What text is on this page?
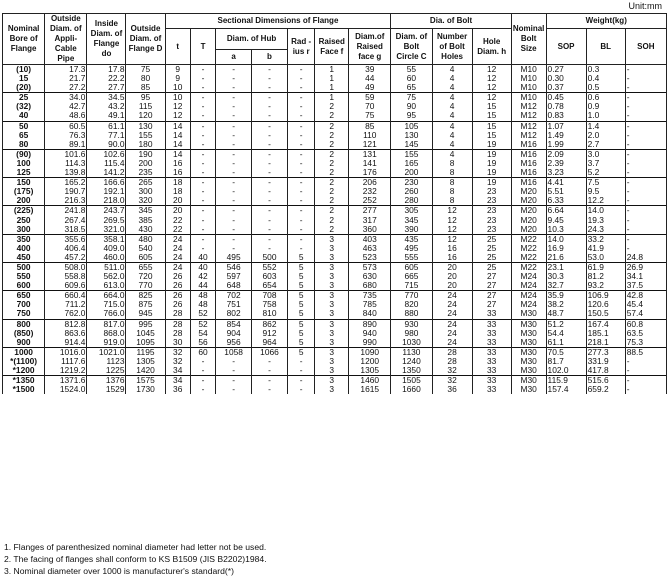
Unit:mm
Nominal Bore of Flange	Outside Diam. of Appli-Cable Pipe	Inside Diam. of Flange do	Outside Diam. of Flange D	Sectional Dimensions of Flange							Dia. of Bolt			Nominal Bolt Size	Weight(kg)		
				t	T	Diam. of Hub		Rad -ius r	Raised Face f	Diam.of Raised face g	Diam. of Bolt Circle C	Number of Bolt Holes	Hole Diam. h		SOP	BL	SOH
						a	b										
(10)	17.3	17.8	75	9	-	-	-	-	1	39	55	4	12	M10	0.27	0.3	-
15	21.7	22.2	80	9	-	-	-	-	1	44	60	4	12	M10	0.30	0.4	-
(20)	27.2	27.7	85	10	-	-	-	-	1	49	65	4	12	M10	0.37	0.5	-
25	34.0	34.5	95	10	-	-	-	-	1	59	75	4	12	M10	0.45	0.6	-
(32)	42.7	43.2	115	12	-	-	-	-	2	70	90	4	15	M12	0.78	0.9	-
40	48.6	49.1	120	12	-	-	-	-	2	75	95	4	15	M12	0.83	1.0	-
50	60.5	61.1	130	14	-	-	-	-	2	85	105	4	15	M12	1.07	1.4	-
65	76.3	77.1	155	14	-	-	-	-	2	110	130	4	15	M12	1.49	2.0	-
80	89.1	90.0	180	14	-	-	-	-	2	121	145	4	19	M16	1.99	2.7	-
(90)	101.6	102.6	190	14	-	-	-	-	2	131	155	4	19	M16	2.09	3.0	-
100	114.3	115.4	200	16	-	-	-	-	2	141	165	8	19	M16	2.39	3.7	-
125	139.8	141.2	235	16	-	-	-	-	2	176	200	8	19	M16	3.23	5.2	-
150	165.2	166.6	265	18	-	-	-	-	2	206	230	8	19	M16	4.41	7.5	-
(175)	190.7	192.1	300	18	-	-	-	-	2	232	260	8	23	M20	5.51	9.5	-
200	216.3	218.0	320	20	-	-	-	-	2	252	280	8	23	M20	6.33	12.2	-
(225)	241.8	243.7	345	20	-	-	-	-	2	277	305	12	23	M20	6.64	14.0	-
250	267.4	269.5	385	22	-	-	-	-	2	317	345	12	23	M20	9.45	19.3	-
300	318.5	321.0	430	22	-	-	-	-	2	360	390	12	23	M20	10.3	24.3	-
350	355.6	358.1	480	24	-	-	-	-	3	403	435	12	25	M22	14.0	33.2	-
400	406.4	409.0	540	24	-	-	-	-	3	463	495	16	25	M22	16.9	41.9	-
450	457.2	460.0	605	24	40	495	500	5	3	523	555	16	25	M22	21.6	53.0	24.8
500	508.0	511.0	655	24	40	546	552	5	3	573	605	20	25	M22	23.1	61.9	26.9
550	558.8	562.0	720	26	42	597	603	5	3	630	665	20	27	M24	30.3	81.2	34.1
600	609.6	613.0	770	26	44	648	654	5	3	680	715	20	27	M24	32.7	93.2	37.5
650	660.4	664.0	825	26	48	702	708	5	3	735	770	24	27	M24	35.9	106.9	42.8
700	711.2	715.0	875	26	48	751	758	5	3	785	820	24	27	M24	38.2	120.6	45.4
750	762.0	766.0	945	28	52	802	810	5	3	840	880	24	33	M30	48.7	150.5	57.4
800	812.8	817.0	995	28	52	854	862	5	3	890	930	24	33	M30	51.2	167.4	60.8
(850)	863.6	868.0	1045	28	54	904	912	5	3	940	980	24	33	M30	54.4	185.1	63.5
900	914.4	919.0	1095	30	56	956	964	5	3	990	1030	24	33	M30	61.1	218.1	75.3
1000	1016.0	1021.0	1195	32	60	1058	1066	5	3	1090	1130	28	33	M30	70.5	277.3	88.5
*(1100)	1117.6	1123	1305	32	-	-	-	-	3	1200	1240	28	33	M30	81.7	331.9	-
*1200	1219.2	1225	1420	34	-	-	-	-	3	1305	1350	32	33	M30	102.0	417.8	-
*1350	1371.6	1376	1575	34	-	-	-	-	3	1460	1505	32	33	M30	115.9	515.6	-
*1500	1524.0	1529	1730	36	-	-	-	-	3	1615	1660	36	33	M30	157.4	659.2	-
1. Flanges of parenthesized nominal diameter had letter not be used.
2. The facing of flanges shall conform to KS B1509 (JIS B2202)1984.
3. Nominal diameter over 1000 is manufacturer's standard(*)
